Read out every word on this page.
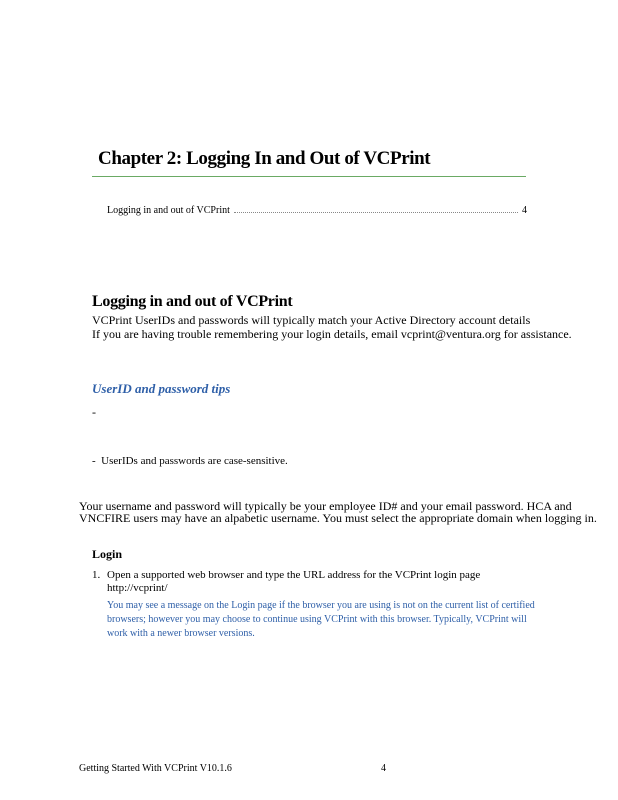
Chapter 2: Logging In and Out of VCPrint
Logging in and out of VCPrint	4
Logging in and out of VCPrint
VCPrint UserIDs and passwords will typically match your Active Directory account details
If you are having trouble remembering your login details, email vcprint@ventura.org for assistance.
UserID and password tips
-
- UserIDs and passwords are case-sensitive.
Your username and password will typically be your employee ID# and your email password. HCA and VNCFIRE users may have an alpabetic username. You must select the appropriate domain when logging in.
Login
1. Open a supported web browser and type the URL address for the VCPrint login page
http://vcprint/
You may see a message on the Login page if the browser you are using is not on the current list of certified browsers; however you may choose to continue using VCPrint with this browser. Typically, VCPrint will work with a newer browser versions.
Getting Started With VCPrint V10.1.6	4
